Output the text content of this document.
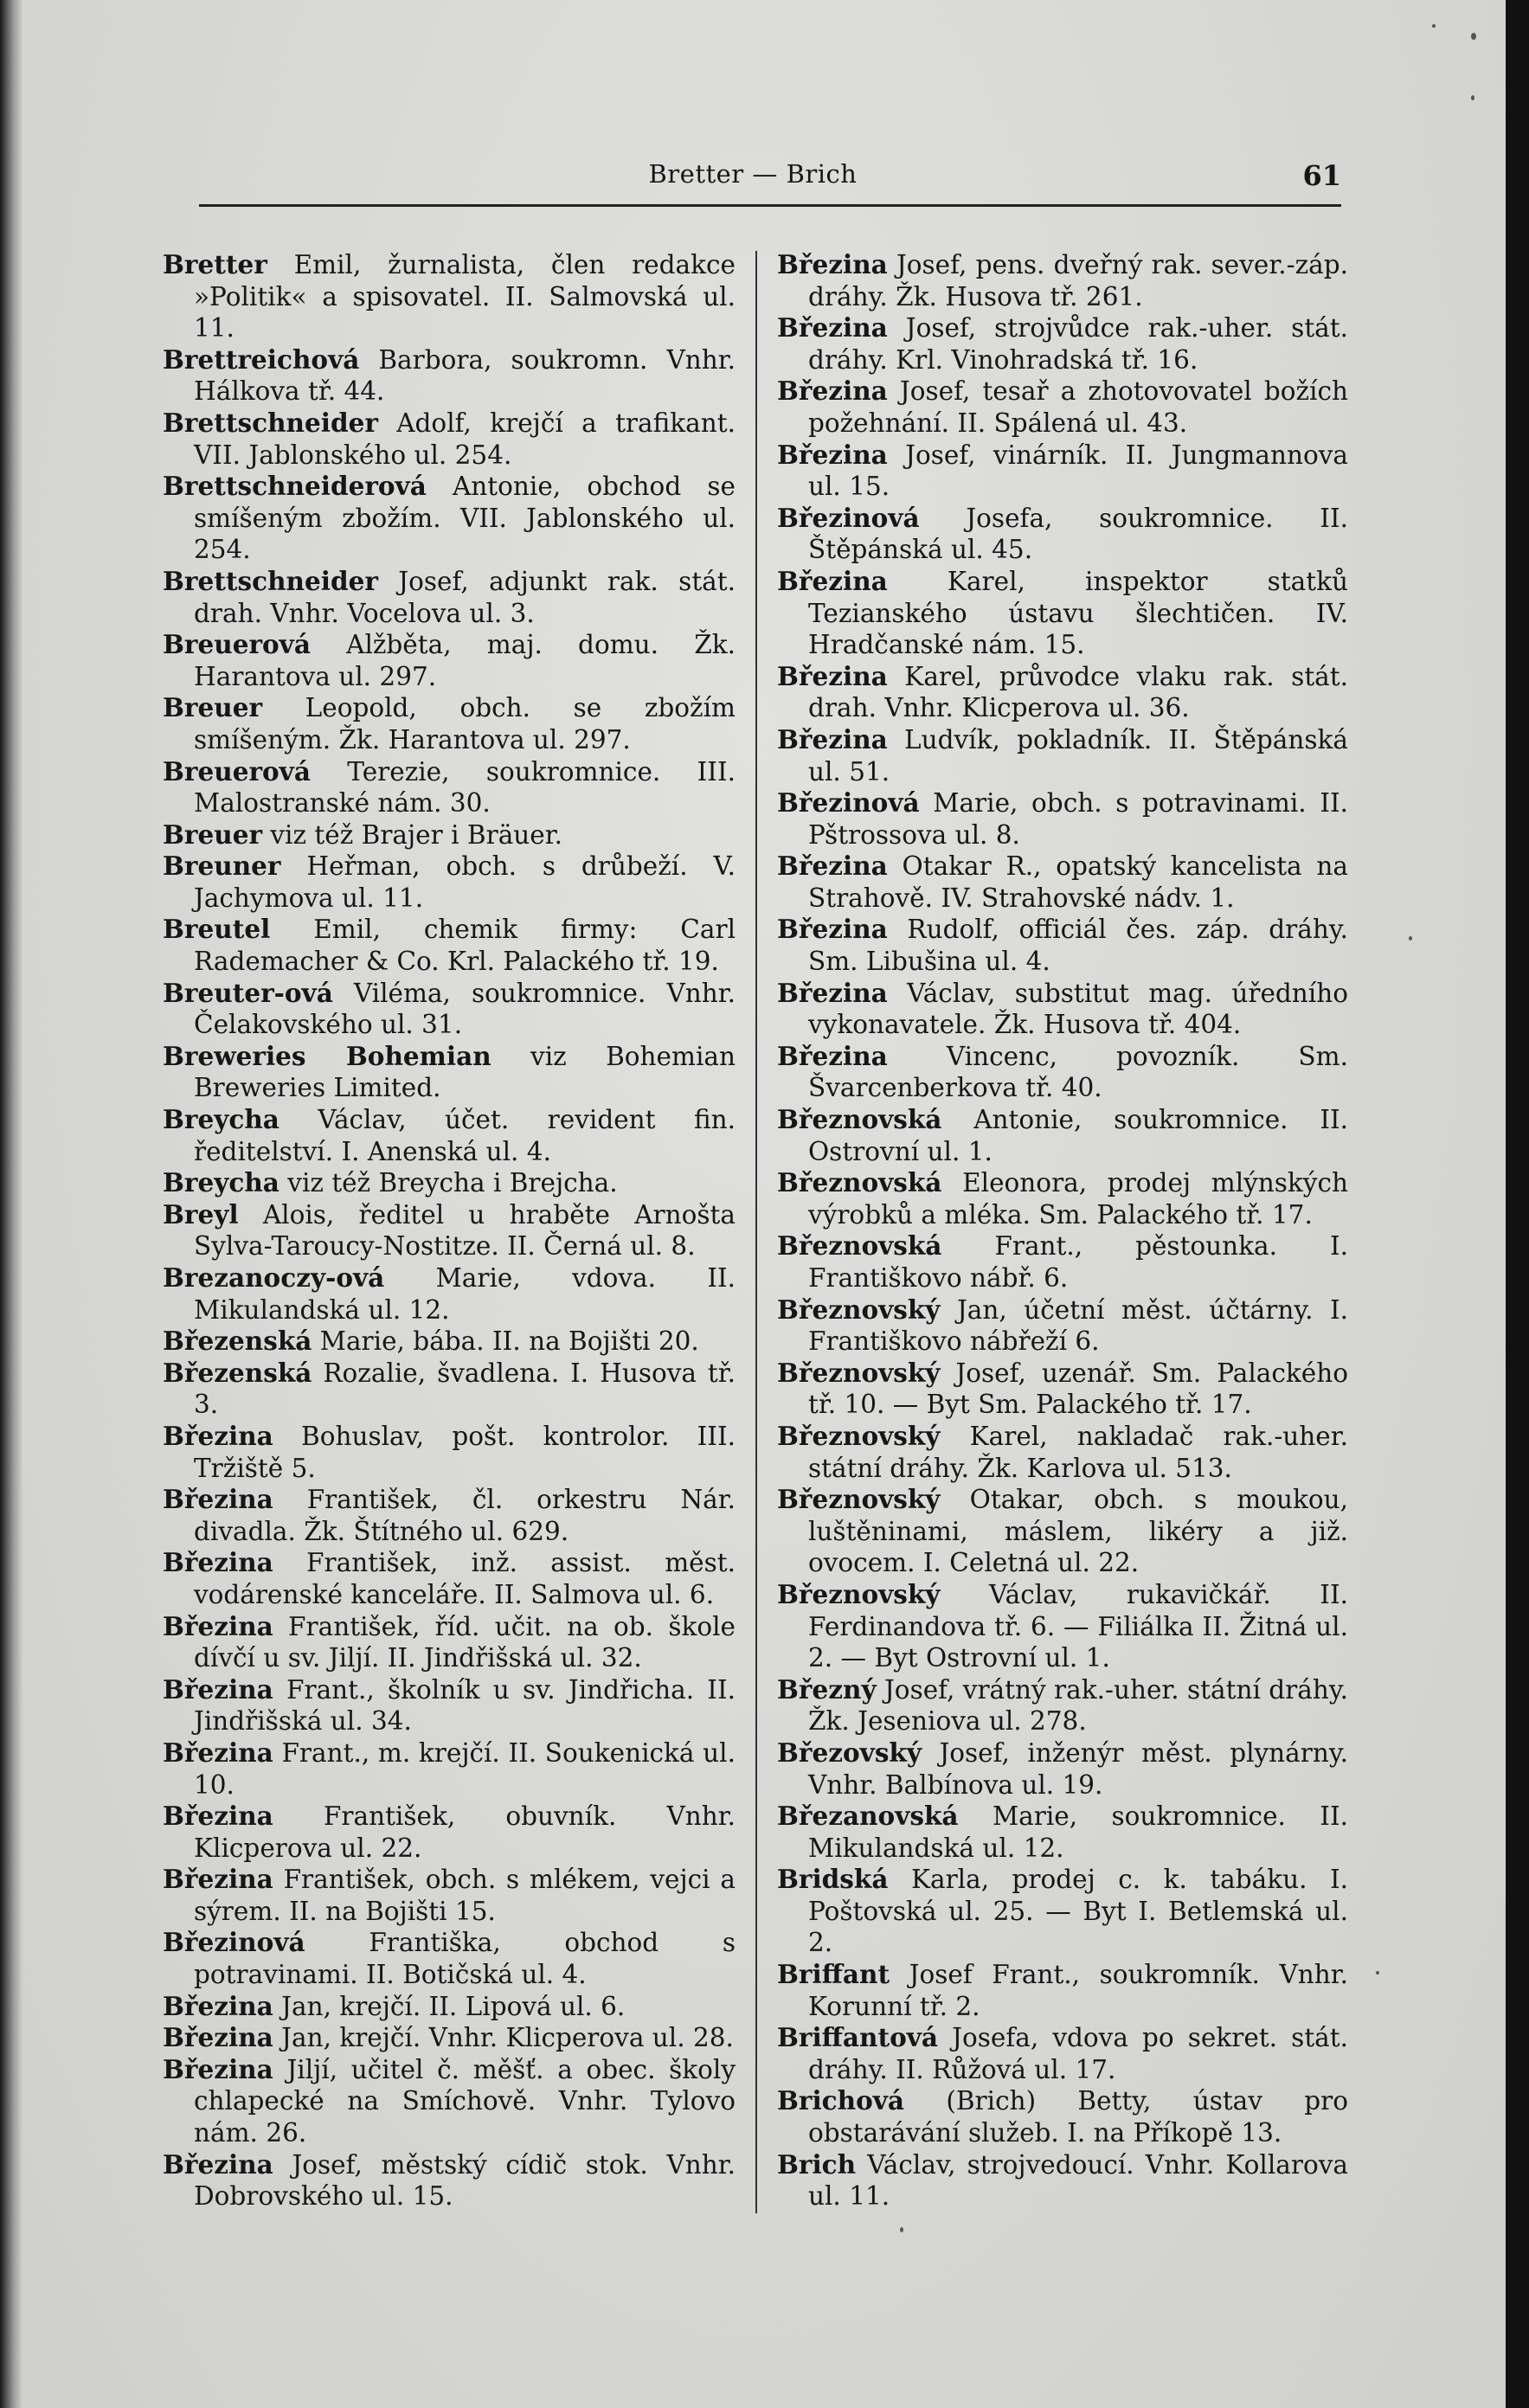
Bretter — Brich	61

Bretter Emil, žurnalista, člen redakce »Politik« a spisovatel. II. Salmovská ul. 11.

Brettreichová Barbora, soukromn. Vnhr. Hálkova tř. 44.

Brettschneider Adolf, krejčí a trafikant. VII. Jablonského ul. 254.

Brettschneiderová Antonie, obchod se smíšeným zbožím. VII. Jablonského ul. 254.

Brettschneider Josef, adjunkt rak. stát. drah. Vnhr. Vocelova ul. 3.

Breuerová Alžběta, maj. domu. Žk. Harantova ul. 297.

Breuer Leopold, obch. se zbožím smíšeným. Žk. Harantova ul. 297.

Breuerová Terezie, soukromnice. III. Malostranské nám. 30.

Breuer viz též Brajer i Bräuer.

Breuner Heřman, obch. s drůbeží. V. Jachymova ul. 11.

Breutel Emil, chemik firmy: Carl Rademacher & Co. Krl. Palackého tř. 19.

Breuter-ová Viléma, soukromnice. Vnhr. Čelakovského ul. 31.

Breweries Bohemian viz Bohemian Breweries Limited.

Breycha Václav, účet. revident fin. ředitelství. I. Anenská ul. 4.

Breycha viz též Breycha i Brejcha.

Breyl Alois, ředitel u hraběte Arnošta Sylva-Taroucy-Nostitze. II. Černá ul. 8.

Brezanoczy-ová Marie, vdova. II. Mikulandská ul. 12.

Březenská Marie, bába. II. na Bojišti 20.

Březenská Rozalie, švadlena. I. Husova tř. 3.

Březina Bohuslav, pošt. kontrolor. III. Tržiště 5.

Březina František, čl. orkestru Nár. divadla. Žk. Štítného ul. 629.

Březina František, inž. assist. měst. vodárenské kanceláře. II. Salmova ul. 6.

Březina František, říd. učit. na ob. škole dívčí u sv. Jiljí. II. Jindřišská ul. 32.

Březina Frant., školník u sv. Jindřicha. II. Jindřišská ul. 34.

Březina Frant., m. krejčí. II. Soukenická ul. 10.

Březina František, obuvník. Vnhr. Klicperova ul. 22.

Březina František, obch. s mlékem, vejci a sýrem. II. na Bojišti 15.

Březinová Františka, obchod s potravinami. II. Botičská ul. 4.

Březina Jan, krejčí. II. Lipová ul. 6.

Březina Jan, krejčí. Vnhr. Klicperova ul. 28.

Březina Jiljí, učitel č. měšť. a obec. školy chlapecké na Smíchově. Vnhr. Tylovo nám. 26.

Březina Josef, městský cídič stok. Vnhr. Dobrovského ul. 15.

Březina Josef, pens. dveřný rak. sever.-záp. dráhy. Žk. Husova tř. 261.

Březina Josef, strojvůdce rak.-uher. stát. dráhy. Krl. Vinohradská tř. 16.

Březina Josef, tesař a zhotovovatel božích požehnání. II. Spálená ul. 43.

Březina Josef, vinárník. II. Jungmannova ul. 15.

Březinová Josefa, soukromnice. II. Štěpánská ul. 45.

Březina Karel, inspektor statků Tezianského ústavu šlechtičen. IV. Hradčanské nám. 15.

Březina Karel, průvodce vlaku rak. stát. drah. Vnhr. Klicperova ul. 36.

Březina Ludvík, pokladník. II. Štěpánská ul. 51.

Březinová Marie, obch. s potravinami. II. Pštrossova ul. 8.

Březina Otakar R., opatský kancelista na Strahově. IV. Strahovské nádv. 1.

Březina Rudolf, officiál čes. záp. dráhy. Sm. Libušina ul. 4.

Březina Václav, substitut mag. úředního vykonavatele. Žk. Husova tř. 404.

Březina Vincenc, povozník. Sm. Švarcenberkova tř. 40.

Březnovská Antonie, soukromnice. II. Ostrovní ul. 1.

Březnovská Eleonora, prodej mlýnských výrobků a mléka. Sm. Palackého tř. 17.

Březnovská Frant., pěstounka. I. Františkovo nábř. 6.

Březnovský Jan, účetní měst. účtárny. I. Františkovo nábřeží 6.

Březnovský Josef, uzenář. Sm. Palackého tř. 10. — Byt Sm. Palackého tř. 17.

Březnovský Karel, nakladač rak.-uher. státní dráhy. Žk. Karlova ul. 513.

Březnovský Otakar, obch. s moukou, luštěninami, máslem, likéry a již. ovocem. I. Celetná ul. 22.

Březnovský Václav, rukavičkář. II. Ferdinandova tř. 6. — Filiálka II. Žitná ul. 2. — Byt Ostrovní ul. 1.

Březný Josef, vrátný rak.-uher. státní dráhy. Žk. Jeseniova ul. 278.

Březovský Josef, inženýr měst. plynárny. Vnhr. Balbínova ul. 19.

Březanovská Marie, soukromnice. II. Mikulandská ul. 12.

Bridská Karla, prodej c. k. tabáku. I. Poštovská ul. 25. — Byt I. Betlemská ul. 2.

Briffant Josef Frant., soukromník. Vnhr. Korunní tř. 2.

Briffantová Josefa, vdova po sekret. stát. dráhy. II. Růžová ul. 17.

Brichová (Brich) Betty, ústav pro obstarávání služeb. I. na Příkopě 13.

Brich Václav, strojvedoucí. Vnhr. Kollarova ul. 11.
